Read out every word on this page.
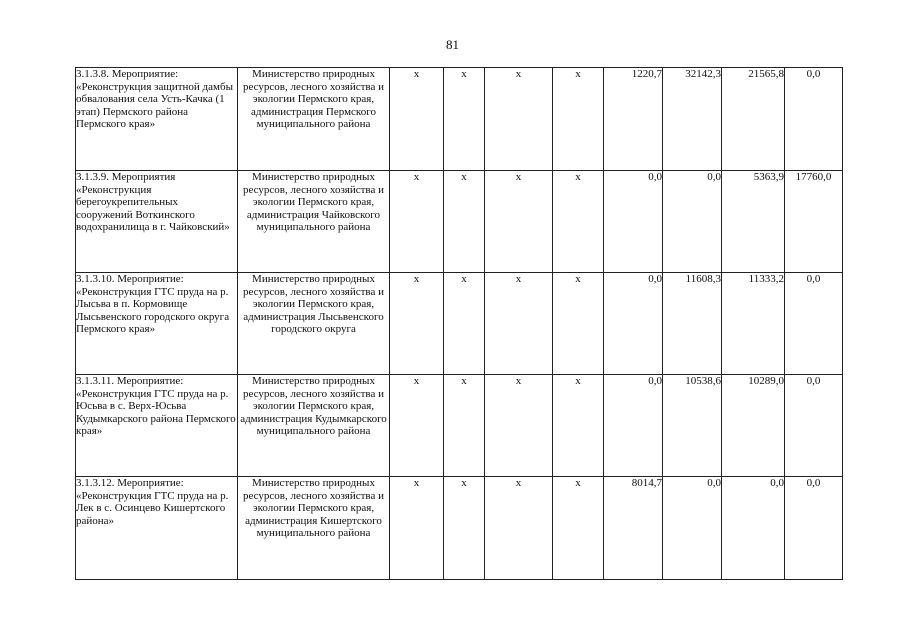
81
3.1.3.8. Мероприятие: «Реконструкция защитной дамбы обвалования села Усть-Качка (1 этап) Пермского района Пермского края»	Министерство природных ресурсов, лесного хозяйства и экологии Пермского края, администрация Пермского муниципального района	x	x	x	x	1220,7	32142,3	21565,8	0,0
3.1.3.9. Мероприятия «Реконструкция берегоукрепительных сооружений Воткинского водохранилища в г. Чайковский»	Министерство природных ресурсов, лесного хозяйства и экологии Пермского края, администрация Чайковского муниципального района	x	x	x	x	0,0	0,0	5363,9	17760,0
3.1.3.10. Мероприятие: «Реконструкция ГТС пруда на р. Лысьва в п. Кормовище Лысьвенского городского округа Пермского края»	Министерство природных ресурсов, лесного хозяйства и экологии Пермского края, администрация Лысьвенского городского округа	x	x	x	x	0,0	11608,3	11333,2	0,0
3.1.3.11. Мероприятие: «Реконструкция ГТС пруда на р. Юсьва в с. Верх-Юсьва Кудымкарского района Пермского края»	Министерство природных ресурсов, лесного хозяйства и экологии Пермского края, администрация Кудымкарского муниципального района	x	x	x	x	0,0	10538,6	10289,0	0,0
3.1.3.12. Мероприятие: «Реконструкция ГТС пруда на р. Лек в с. Осинцево Кишертского района»	Министерство природных ресурсов, лесного хозяйства и экологии Пермского края, администрация Кишертского муниципального района	x	x	x	x	8014,7	0,0	0,0	0,0
